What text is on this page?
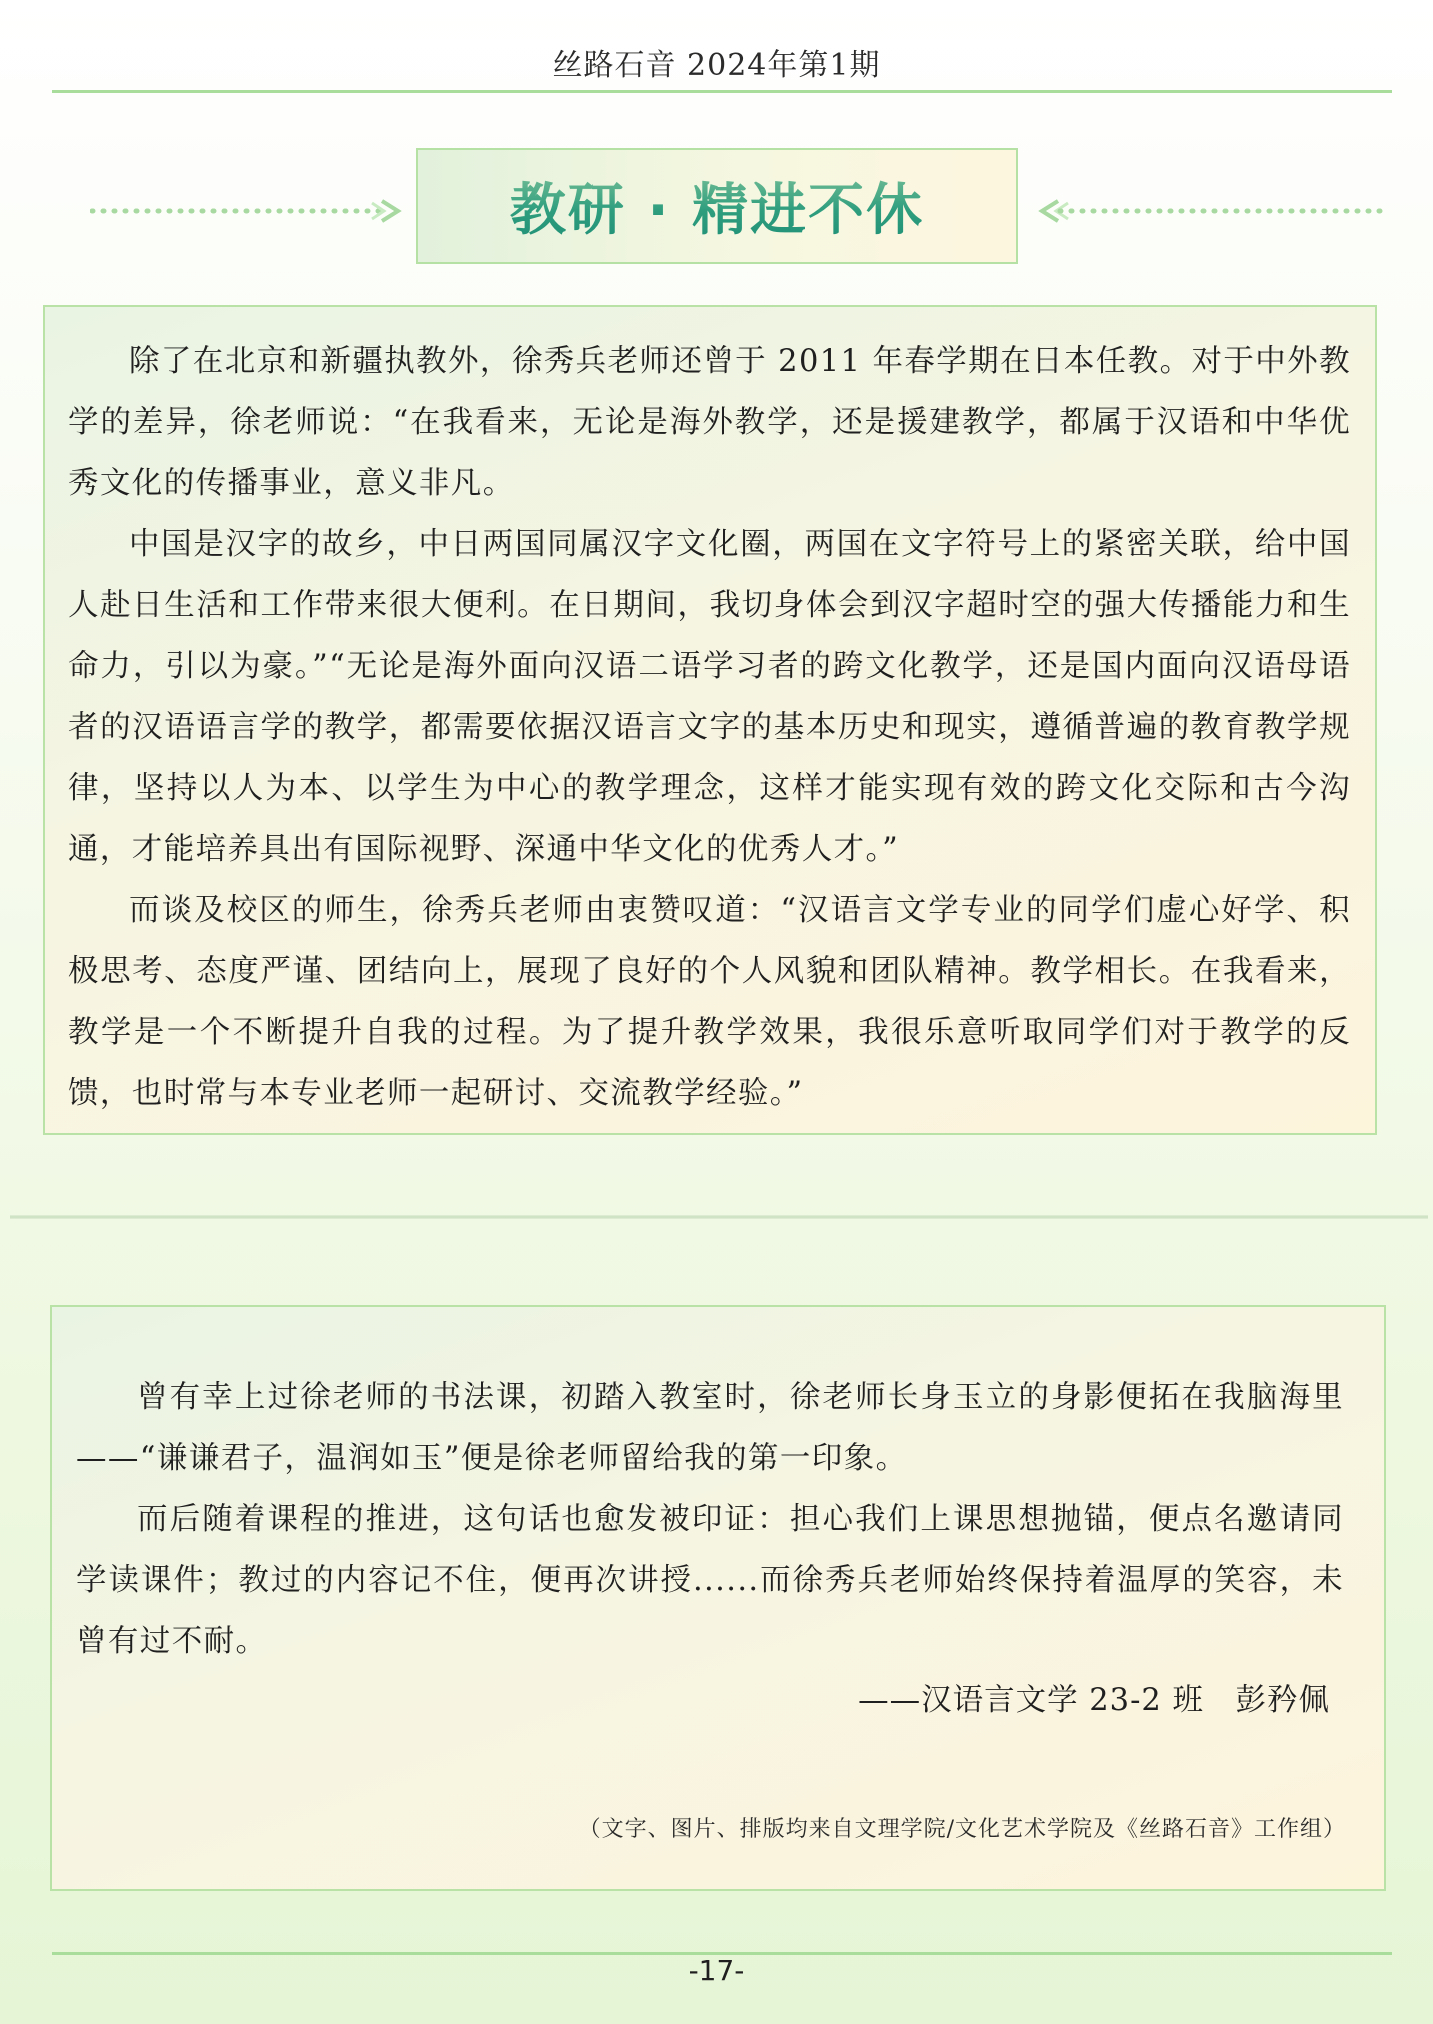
丝路石音 2024年第1期
教研 · 精进不休

除了在北京和新疆执教外，徐秀兵老师还曾于 2011 年春学期在日本任教。对于中外教学的差异，徐老师说：“在我看来，无论是海外教学，还是援建教学，都属于汉语和中华优秀文化的传播事业，意义非凡。

中国是汉字的故乡，中日两国同属汉字文化圈，两国在文字符号上的紧密关联，给中国人赴日生活和工作带来很大便利。在日期间，我切身体会到汉字超时空的强大传播能力和生命力，引以为豪。”“无论是海外面向汉语二语学习者的跨文化教学，还是国内面向汉语母语者的汉语语言学的教学，都需要依据汉语言文字的基本历史和现实，遵循普遍的教育教学规律，坚持以人为本、以学生为中心的教学理念，这样才能实现有效的跨文化交际和古今沟通，才能培养具出有国际视野、深通中华文化的优秀人才。”

而谈及校区的师生，徐秀兵老师由衷赞叹道：“汉语言文学专业的同学们虚心好学、积极思考、态度严谨、团结向上，展现了良好的个人风貌和团队精神。教学相长。在我看来，教学是一个不断提升自我的过程。为了提升教学效果，我很乐意听取同学们对于教学的反馈，也时常与本专业老师一起研讨、交流教学经验。”

曾有幸上过徐老师的书法课，初踏入教室时，徐老师长身玉立的身影便拓在我脑海里——“谦谦君子，温润如玉”便是徐老师留给我的第一印象。

而后随着课程的推进，这句话也愈发被印证：担心我们上课思想抛锚，便点名邀请同学读课件；教过的内容记不住，便再次讲授......而徐秀兵老师始终保持着温厚的笑容，未曾有过不耐。

——汉语言文学 23-2 班　彭矜佩

（文字、图片、排版均来自文理学院/文化艺术学院及《丝路石音》工作组）
-17-
